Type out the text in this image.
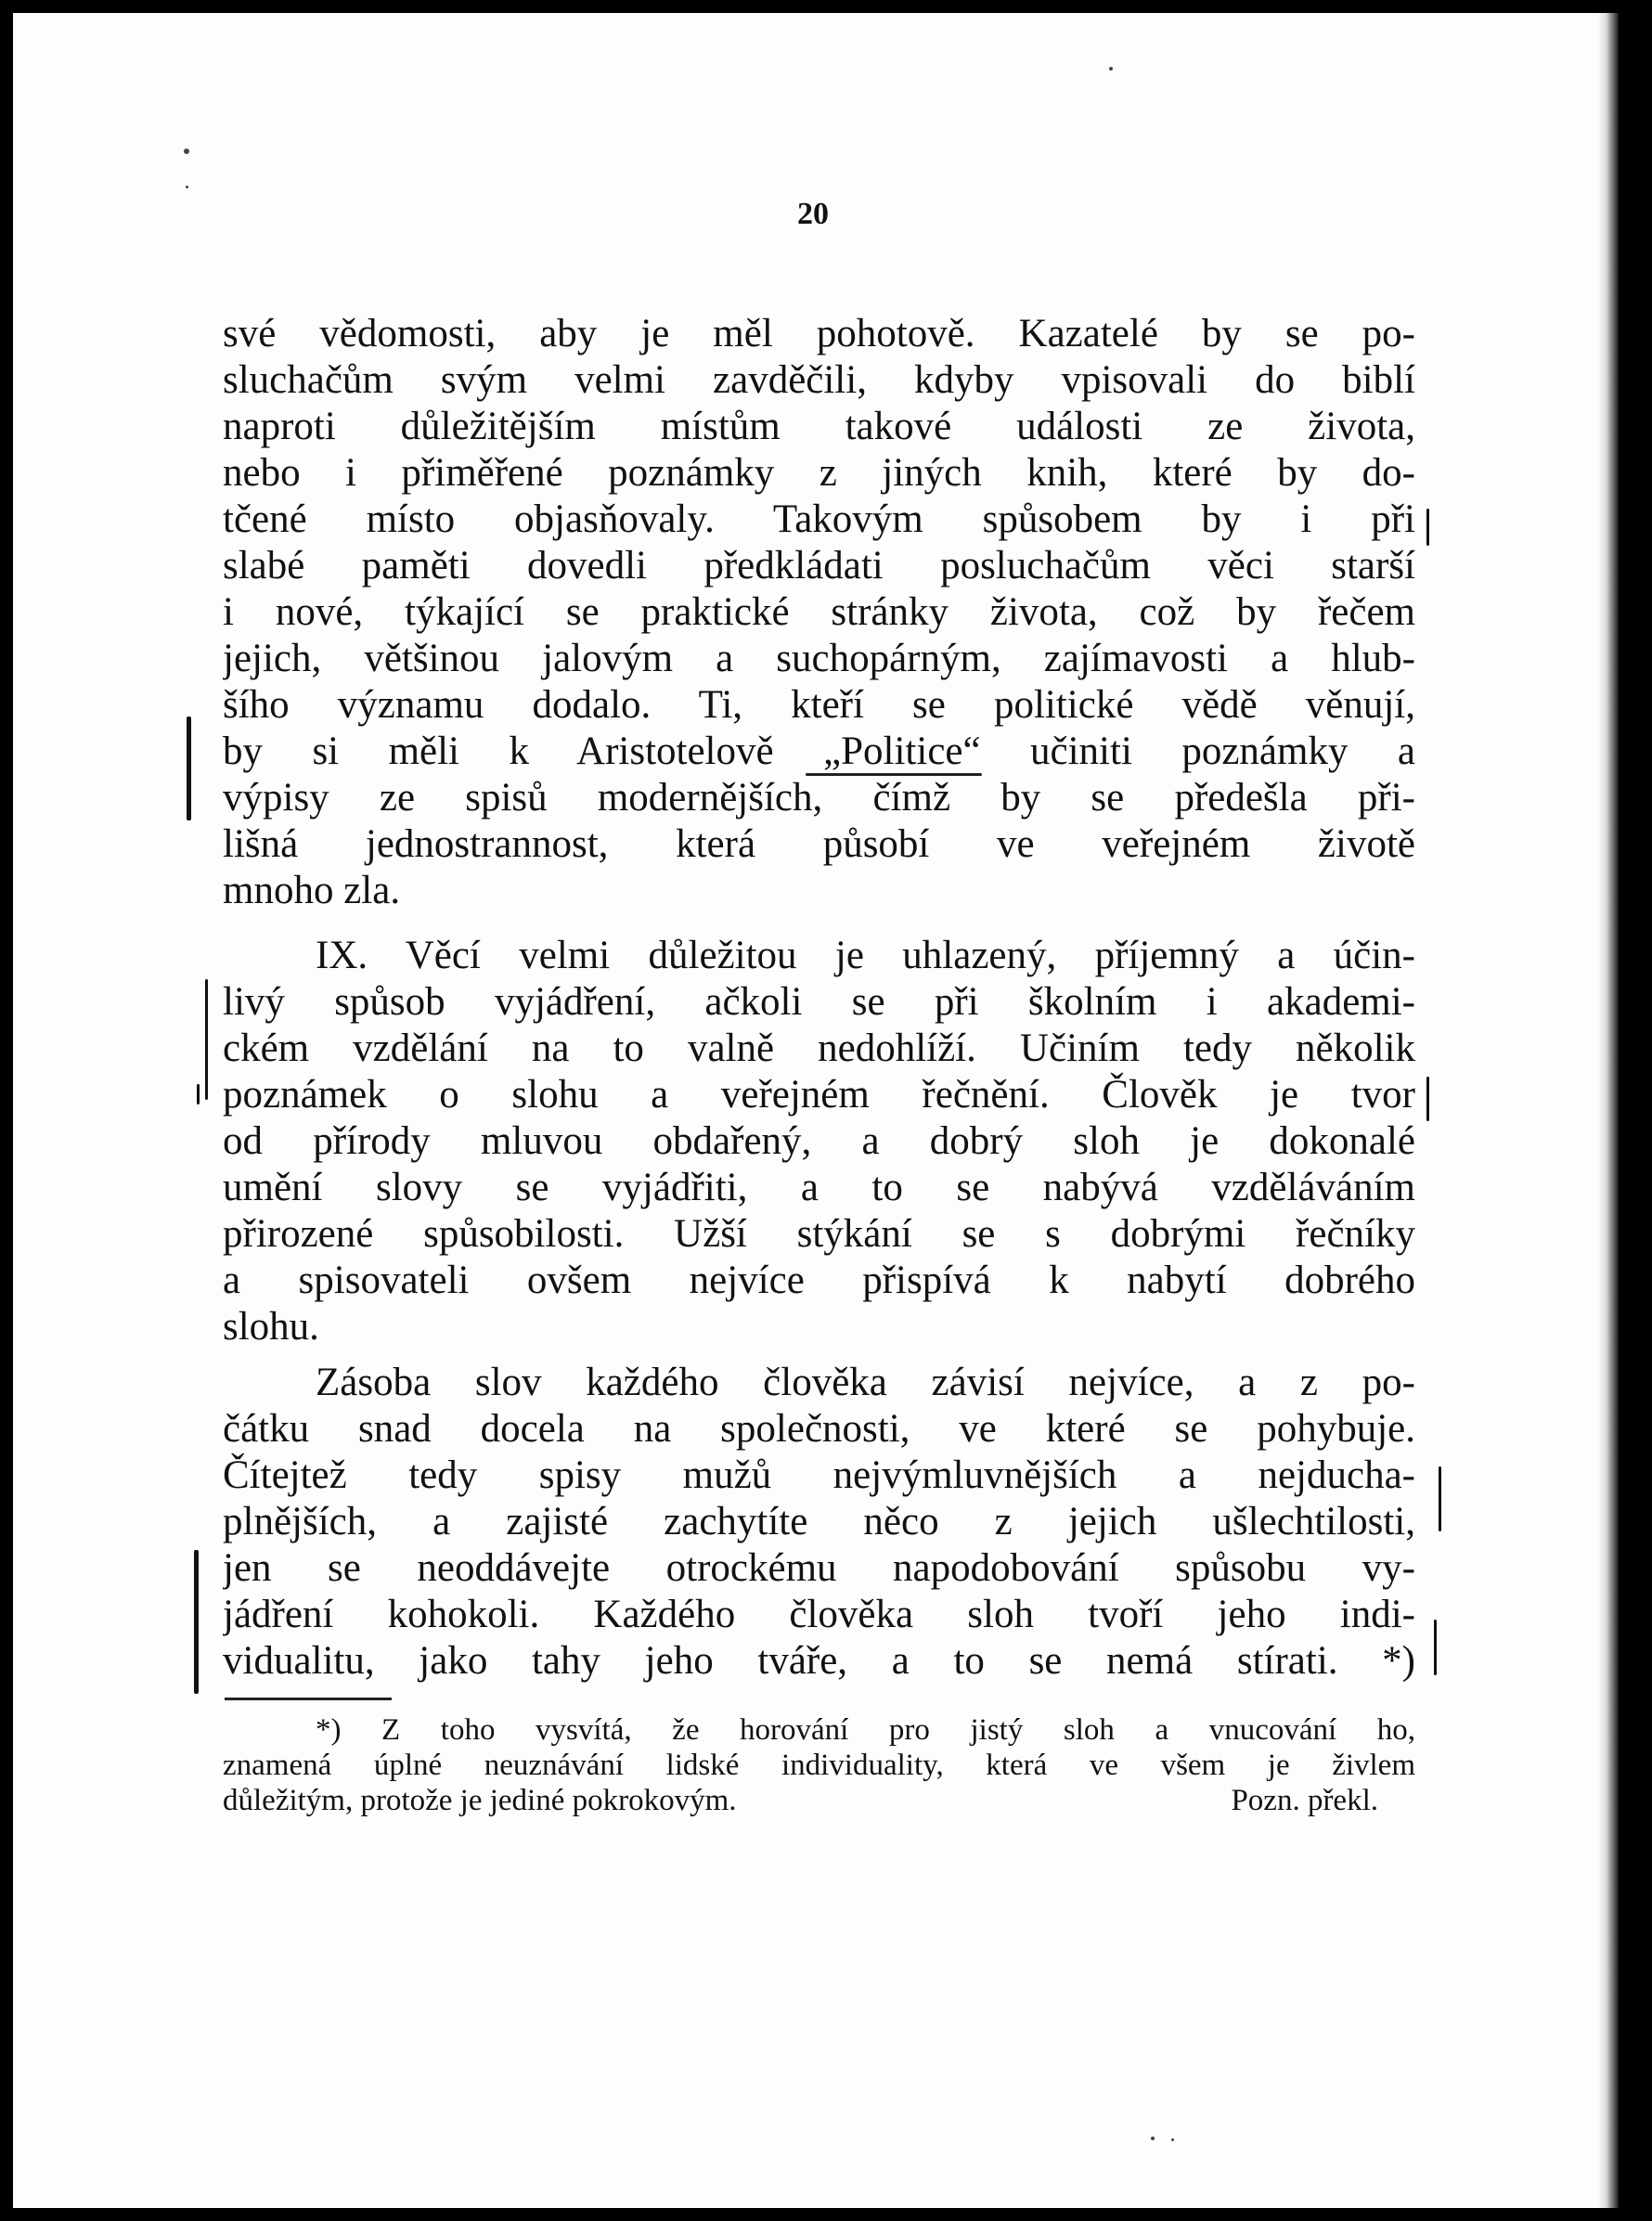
20
své vědomosti, aby je měl pohotově. Kazatelé by se po-
sluchačům svým velmi zavděčili, kdyby vpisovali do biblí
naproti důležitějším místům takové události ze života,
nebo i přiměřené poznámky z jiných knih, které by do-
tčené místo objasňovaly. Takovým spůsobem by i při
slabé paměti dovedli předkládati posluchačům věci starší
i nové, týkající se praktické stránky života, což by řečem
jejich, většinou jalovým a suchopárným, zajímavosti a hlub-
šího významu dodalo. Ti, kteří se politické vědě věnují,
by si měli k Aristotelově „Politice“ učiniti poznámky a
výpisy ze spisů modernějších, čímž by se předešla při-
lišná jednostrannost, která působí ve veřejném životě
mnoho zla.
IX. Věcí velmi důležitou je uhlazený, příjemný a účin-
livý spůsob vyjádření, ačkoli se při školním i akademi-
ckém vzdělání na to valně nedohlíží. Učiním tedy několik
poznámek o slohu a veřejném řečnění. Člověk je tvor
od přírody mluvou obdařený, a dobrý sloh je dokonalé
umění slovy se vyjádřiti, a to se nabývá vzděláváním
přirozené spůsobilosti. Užší stýkání se s dobrými řečníky
a spisovateli ovšem nejvíce přispívá k nabytí dobrého
slohu.
Zásoba slov každého člověka závisí nejvíce, a z po-
čátku snad docela na společnosti, ve které se pohybuje.
Čítejtež tedy spisy mužů nejvýmluvnějších a nejducha-
plnějších, a zajisté zachytíte něco z jejich ušlechtilosti,
jen se neoddávejte otrockému napodobování spůsobu vy-
jádření kohokoli. Každého člověka sloh tvoří jeho indi-
vidualitu, jako tahy jeho tváře, a to se nemá stírati. *)
*) Z toho vysvítá, že horování pro jistý sloh a vnucování ho,
znamená úplné neuznávání lidské individuality, která ve všem je živlem
důležitým, protože je jediné pokrokovým.	Pozn. překl.
